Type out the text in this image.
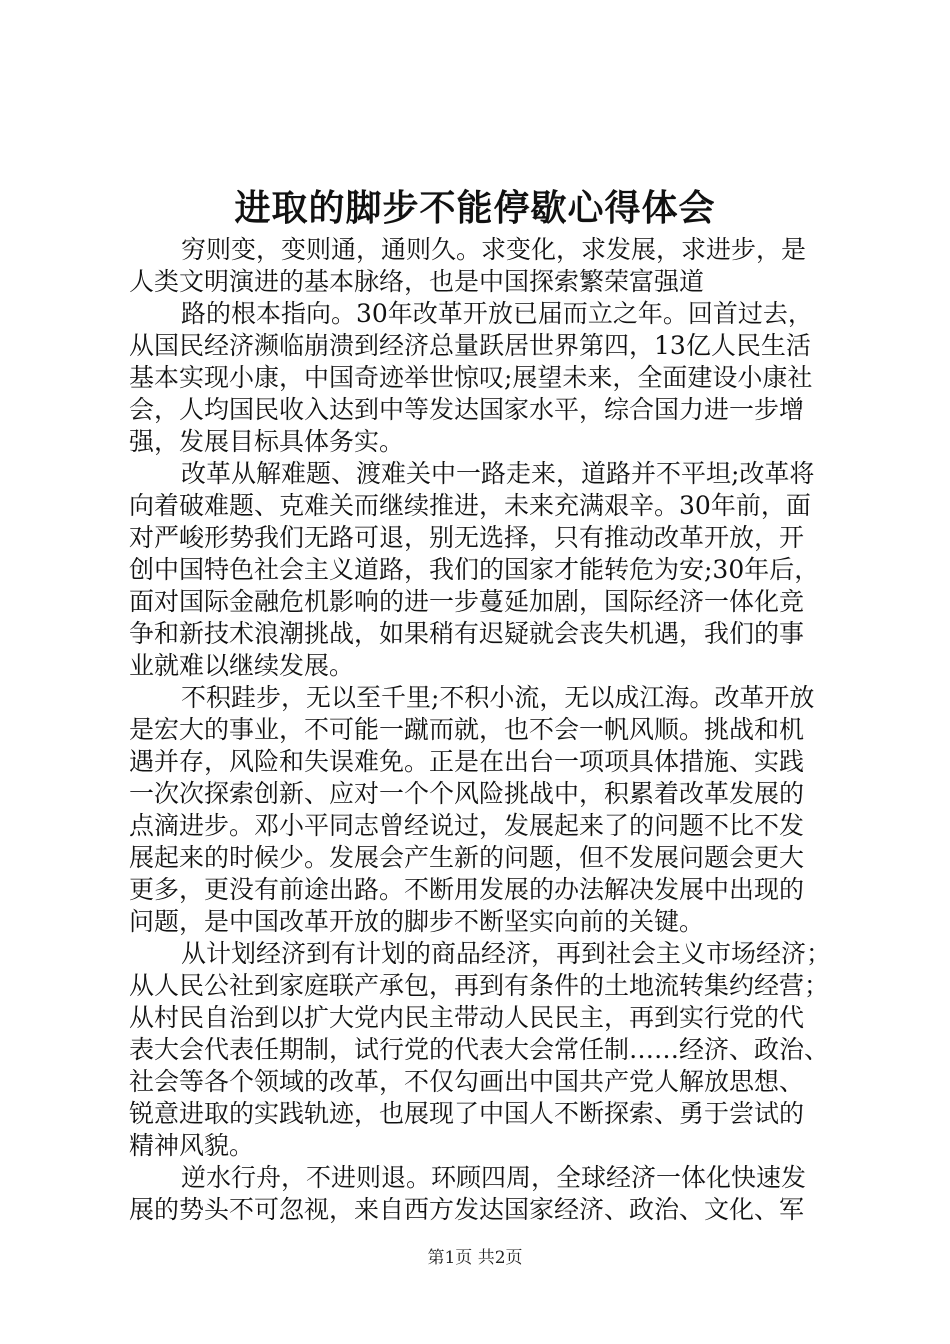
进取的脚步不能停歇心得体会

穷则变，变则通，通则久。求变化，求发展，求进步，是

人类文明演进的基本脉络，也是中国探索繁荣富强道

路的根本指向。30年改革开放已届而立之年。回首过去，

从国民经济濒临崩溃到经济总量跃居世界第四，13亿人民生活

基本实现小康，中国奇迹举世惊叹;展望未来，全面建设小康社

会，人均国民收入达到中等发达国家水平，综合国力进一步增

强，发展目标具体务实。

改革从解难题、渡难关中一路走来，道路并不平坦;改革将

向着破难题、克难关而继续推进，未来充满艰辛。30年前，面

对严峻形势我们无路可退，别无选择，只有推动改革开放，开

创中国特色社会主义道路，我们的国家才能转危为安;30年后，

面对国际金融危机影响的进一步蔓延加剧，国际经济一体化竞

争和新技术浪潮挑战，如果稍有迟疑就会丧失机遇，我们的事

业就难以继续发展。

不积跬步，无以至千里;不积小流，无以成江海。改革开放

是宏大的事业，不可能一蹴而就，也不会一帆风顺。挑战和机

遇并存，风险和失误难免。正是在出台一项项具体措施、实践

一次次探索创新、应对一个个风险挑战中，积累着改革发展的

点滴进步。邓小平同志曾经说过，发展起来了的问题不比不发

展起来的时候少。发展会产生新的问题，但不发展问题会更大

更多，更没有前途出路。不断用发展的办法解决发展中出现的

问题，是中国改革开放的脚步不断坚实向前的关键。

从计划经济到有计划的商品经济，再到社会主义市场经济；

从人民公社到家庭联产承包，再到有条件的土地流转集约经营；

从村民自治到以扩大党内民主带动人民民主，再到实行党的代

表大会代表任期制，试行党的代表大会常任制……经济、政治、

社会等各个领域的改革，不仅勾画出中国共产党人解放思想、

锐意进取的实践轨迹，也展现了中国人不断探索、勇于尝试的

精神风貌。

逆水行舟，不进则退。环顾四周，全球经济一体化快速发

展的势头不可忽视，来自西方发达国家经济、政治、文化、军

第1页 共2页
